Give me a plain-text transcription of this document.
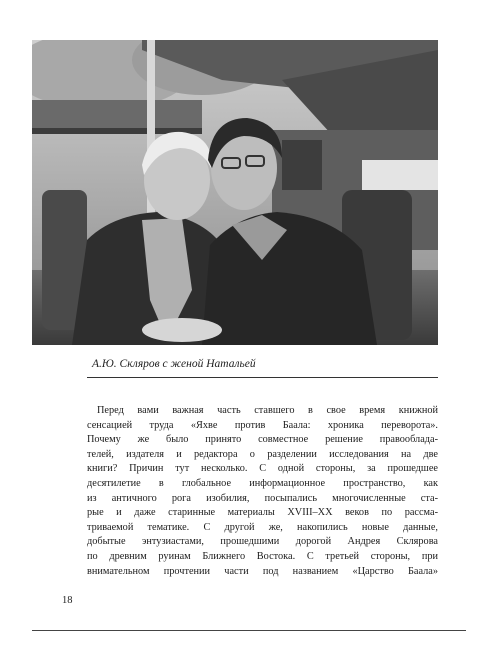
А.Ю. Скляров с женой Натальей
Перед вами важная часть ставшего в свое время книжной
сенсацией труда «Яхве против Баала: хроника переворота».
Почему же было принято совместное решение правооблада-
телей, издателя и редактора о разделении исследования на две
книги? Причин тут несколько. С одной стороны, за прошедшее
десятилетие в глобальное информационное пространство, как
из античного рога изобилия, посыпались многочисленные ста-
рые и даже старинные материалы XVIII–XX веков по рассма-
триваемой тематике. С другой же, накопились новые данные,
добытые энтузиастами, прошедшими дорогой Андрея Склярова
по древним руинам Ближнего Востока. С третьей стороны, при
внимательном прочтении части под названием «Царство Баала»
18
